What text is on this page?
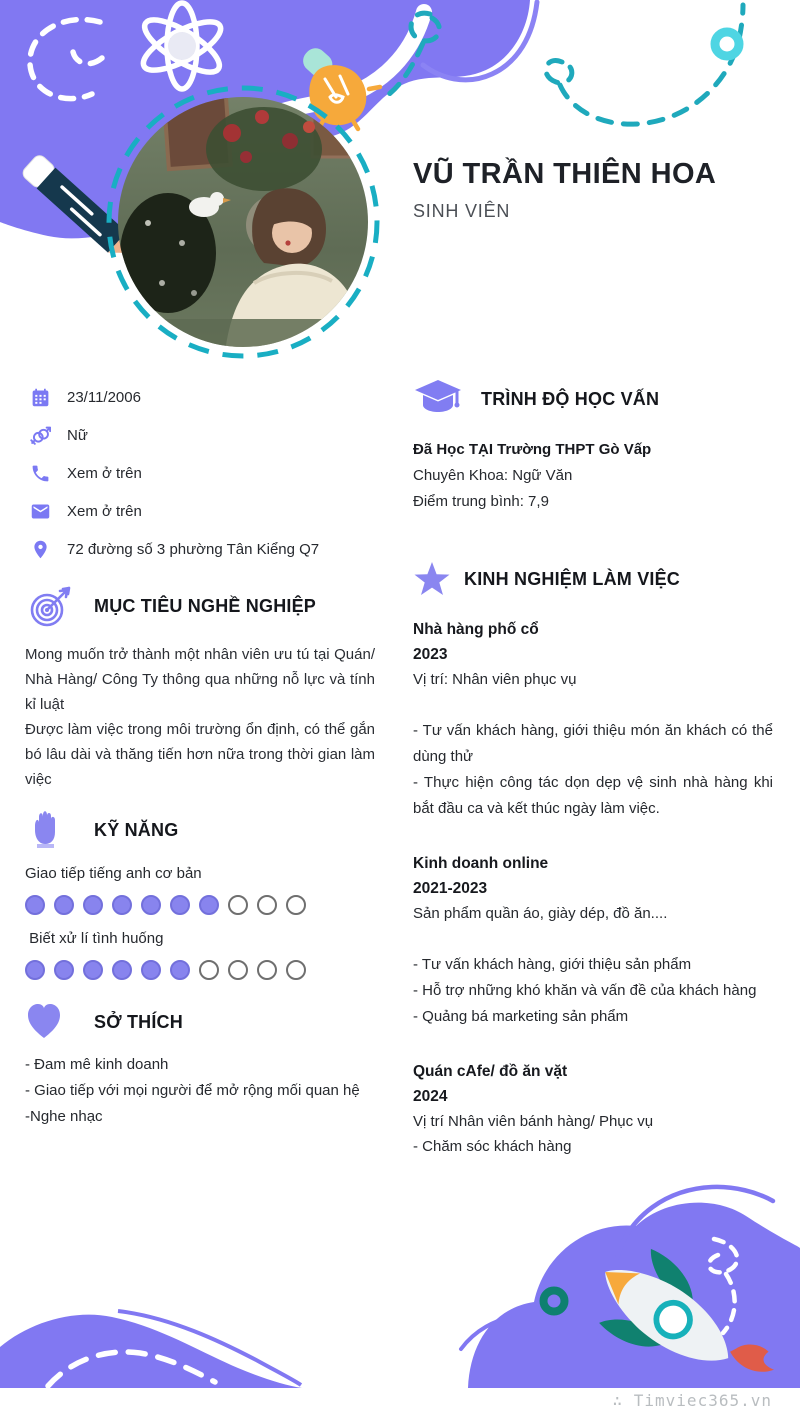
VŨ TRẦN THIÊN HOA
SINH VIÊN
23/11/2006
Nữ
Xem ở trên
Xem ở trên
72 đường số 3 phường Tân Kiểng Q7
MỤC TIÊU NGHỀ NGHIỆP
Mong muốn trở thành một nhân viên ưu tú tại Quán/ Nhà Hàng/ Công Ty thông qua những nỗ lực và tính kỉ luật
Được làm việc trong môi trường ổn định, có thể gắn bó lâu dài và thăng tiến hơn nữa trong thời gian làm việc
KỸ NĂNG
Giao tiếp tiếng anh cơ bản
Biết xử lí tình huống
SỞ THÍCH
- Đam mê kinh doanh
- Giao tiếp với mọi người để mở rộng mối quan hệ
-Nghe nhạc
TRÌNH ĐỘ HỌC VẤN
Đã Học TẠI Trường THPT Gò Vấp
Chuyên Khoa: Ngữ Văn
Điểm trung bình: 7,9
KINH NGHIỆM LÀM VIỆC
Nhà hàng phố cổ
2023
Vị trí: Nhân viên phục vụ
- Tư vấn khách hàng, giới thiệu món ăn khách có thể dùng thử
- Thực hiện công tác dọn dẹp vệ sinh nhà hàng khi bắt đầu ca và kết thúc ngày làm việc.
Kinh doanh online
2021-2023
Sản phẩm quần áo, giày dép, đồ ăn....
- Tư vấn khách hàng, giới thiệu sản phẩm
- Hỗ trợ những khó khăn và vấn đề của khách hàng
- Quảng bá marketing sản phẩm
Quán cAfe/ đồ ăn vặt
2024
Vị trí Nhân viên bánh hàng/ Phục vụ
- Chăm sóc khách hàng
∴ Timviec365.vn
